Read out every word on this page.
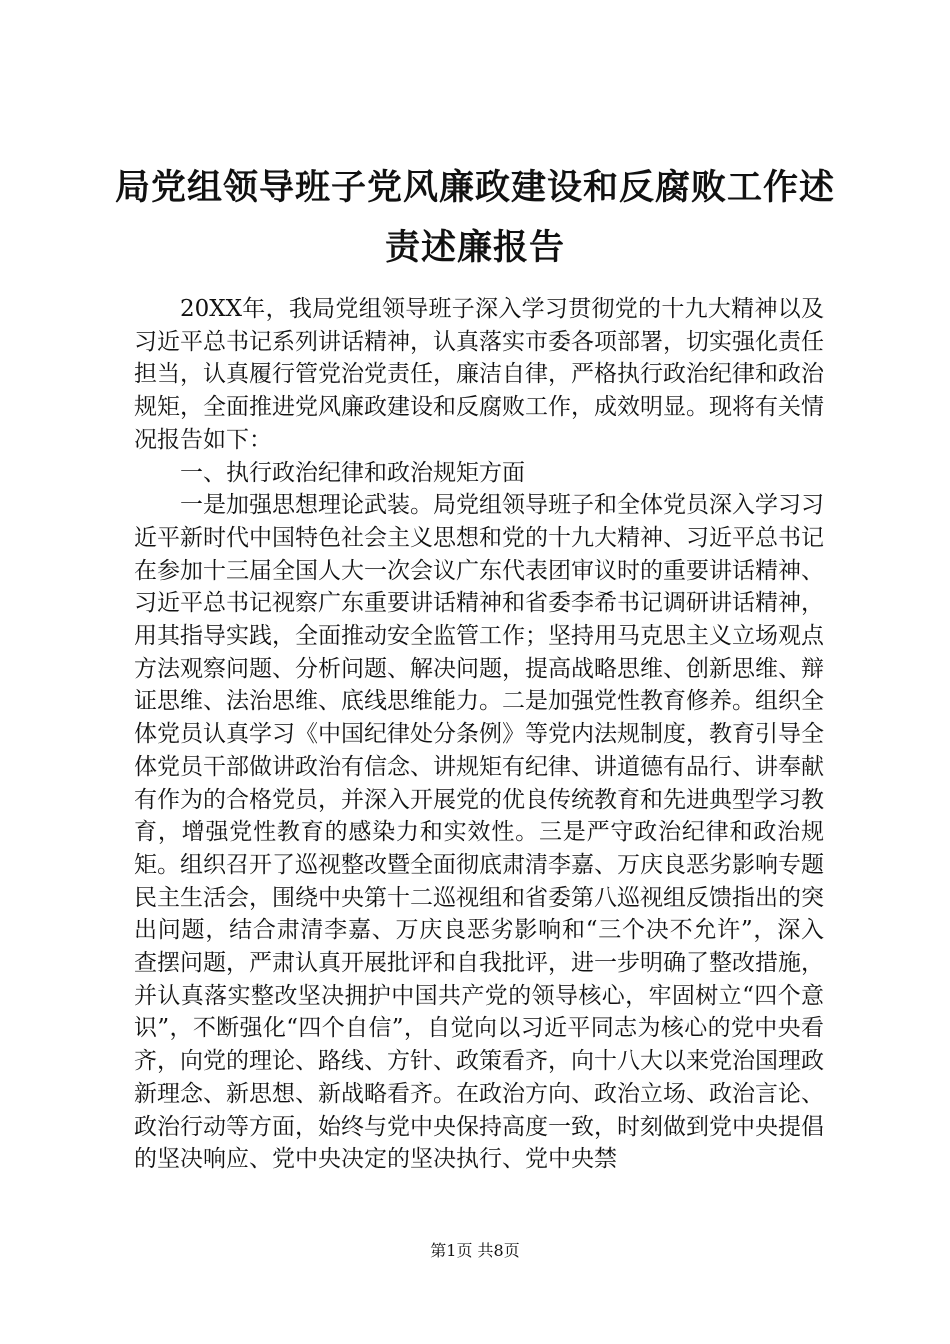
局党组领导班子党风廉政建设和反腐败工作述责述廉报告

20XX年，我局党组领导班子深入学习贯彻党的十九大精神以及习近平总书记系列讲话精神，认真落实市委各项部署，切实强化责任担当，认真履行管党治党责任，廉洁自律，严格执行政治纪律和政治规矩，全面推进党风廉政建设和反腐败工作，成效明显。现将有关情况报告如下：

一、执行政治纪律和政治规矩方面

一是加强思想理论武装。局党组领导班子和全体党员深入学习习近平新时代中国特色社会主义思想和党的十九大精神、习近平总书记在参加十三届全国人大一次会议广东代表团审议时的重要讲话精神、习近平总书记视察广东重要讲话精神和省委李希书记调研讲话精神，用其指导实践，全面推动安全监管工作；坚持用马克思主义立场观点方法观察问题、分析问题、解决问题，提高战略思维、创新思维、辩证思维、法治思维、底线思维能力。二是加强党性教育修养。组织全体党员认真学习《中国纪律处分条例》等党内法规制度，教育引导全体党员干部做讲政治有信念、讲规矩有纪律、讲道德有品行、讲奉献有作为的合格党员，并深入开展党的优良传统教育和先进典型学习教育，增强党性教育的感染力和实效性。三是严守政治纪律和政治规矩。组织召开了巡视整改暨全面彻底肃清李嘉、万庆良恶劣影响专题民主生活会，围绕中央第十二巡视组和省委第八巡视组反馈指出的突出问题，结合肃清李嘉、万庆良恶劣影响和“三个决不允许”，深入查摆问题，严肃认真开展批评和自我批评，进一步明确了整改措施，并认真落实整改坚决拥护中国共产党的领导核心，牢固树立“四个意识”，不断强化“四个自信”，自觉向以习近平同志为核心的党中央看齐，向党的理论、路线、方针、政策看齐，向十八大以来党治国理政新理念、新思想、新战略看齐。在政治方向、政治立场、政治言论、政治行动等方面，始终与党中央保持高度一致，时刻做到党中央提倡的坚决响应、党中央决定的坚决执行、党中央禁

第1页 共8页
